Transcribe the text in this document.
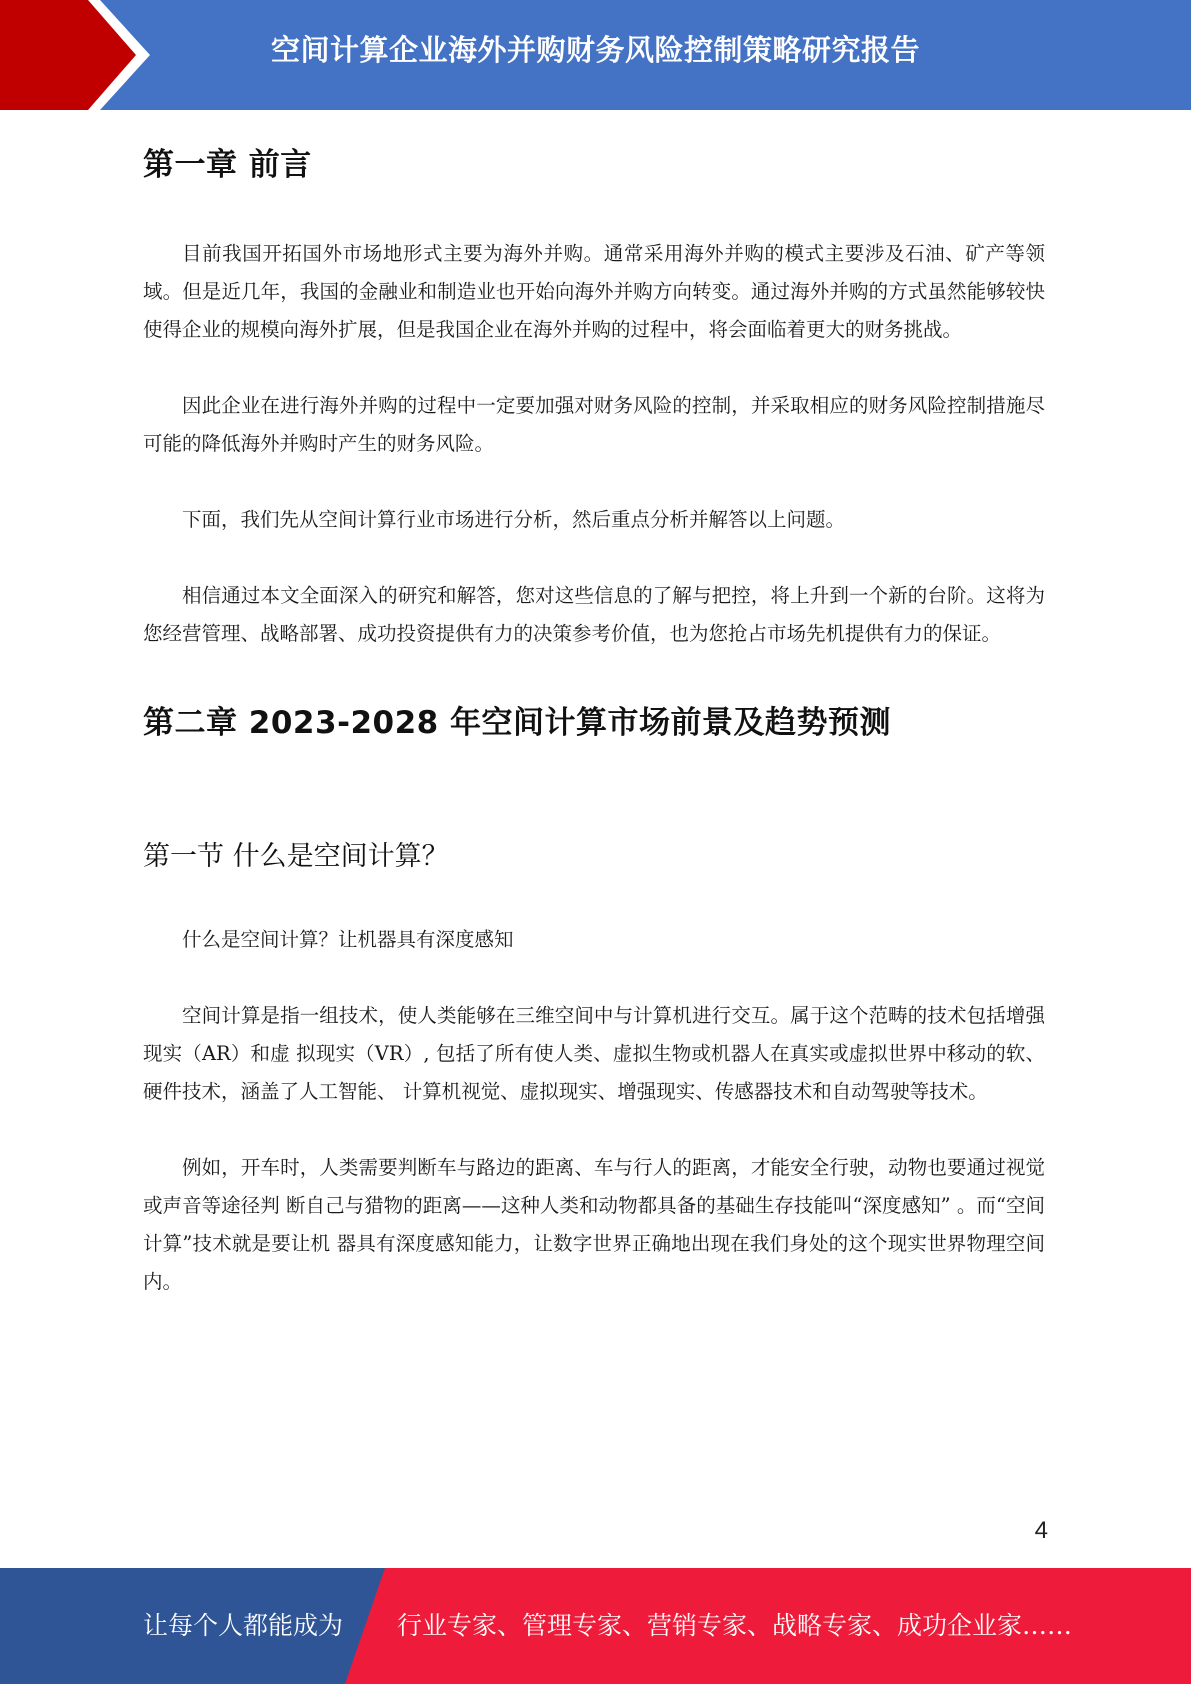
空间计算企业海外并购财务风险控制策略研究报告
第一章 前言

目前我国开拓国外市场地形式主要为海外并购。通常采用海外并购的模式主要涉及石油、矿产等领域。但是近几年，我国的金融业和制造业也开始向海外并购方向转变。通过海外并购的方式虽然能够较快使得企业的规模向海外扩展，但是我国企业在海外并购的过程中，将会面临着更大的财务挑战。

因此企业在进行海外并购的过程中一定要加强对财务风险的控制，并采取相应的财务风险控制措施尽可能的降低海外并购时产生的财务风险。

下面，我们先从空间计算行业市场进行分析，然后重点分析并解答以上问题。

相信通过本文全面深入的研究和解答，您对这些信息的了解与把控，将上升到一个新的台阶。这将为您经营管理、战略部署、成功投资提供有力的决策参考价值，也为您抢占市场先机提供有力的保证。

第二章 2023-2028 年空间计算市场前景及趋势预测
第一节 什么是空间计算？

什么是空间计算？让机器具有深度感知

空间计算是指一组技术，使人类能够在三维空间中与计算机进行交互。属于这个范畴的技术包括增强现实（AR）和虚 拟现实（VR）, 包括了所有使人类、虚拟生物或机器人在真实或虚拟世界中移动的软、硬件技术，涵盖了人工智能、 计算机视觉、虚拟现实、增强现实、传感器技术和自动驾驶等技术。

例如，开车时，人类需要判断车与路边的距离、车与行人的距离，才能安全行驶，动物也要通过视觉或声音等途径判 断自己与猎物的距离——这种人类和动物都具备的基础生存技能叫“深度感知” 。而“空间计算”技术就是要让机 器具有深度感知能力，让数字世界正确地出现在我们身处的这个现实世界物理空间内。

4
让每个人都能成为 行业专家、管理专家、营销专家、战略专家、成功企业家……
